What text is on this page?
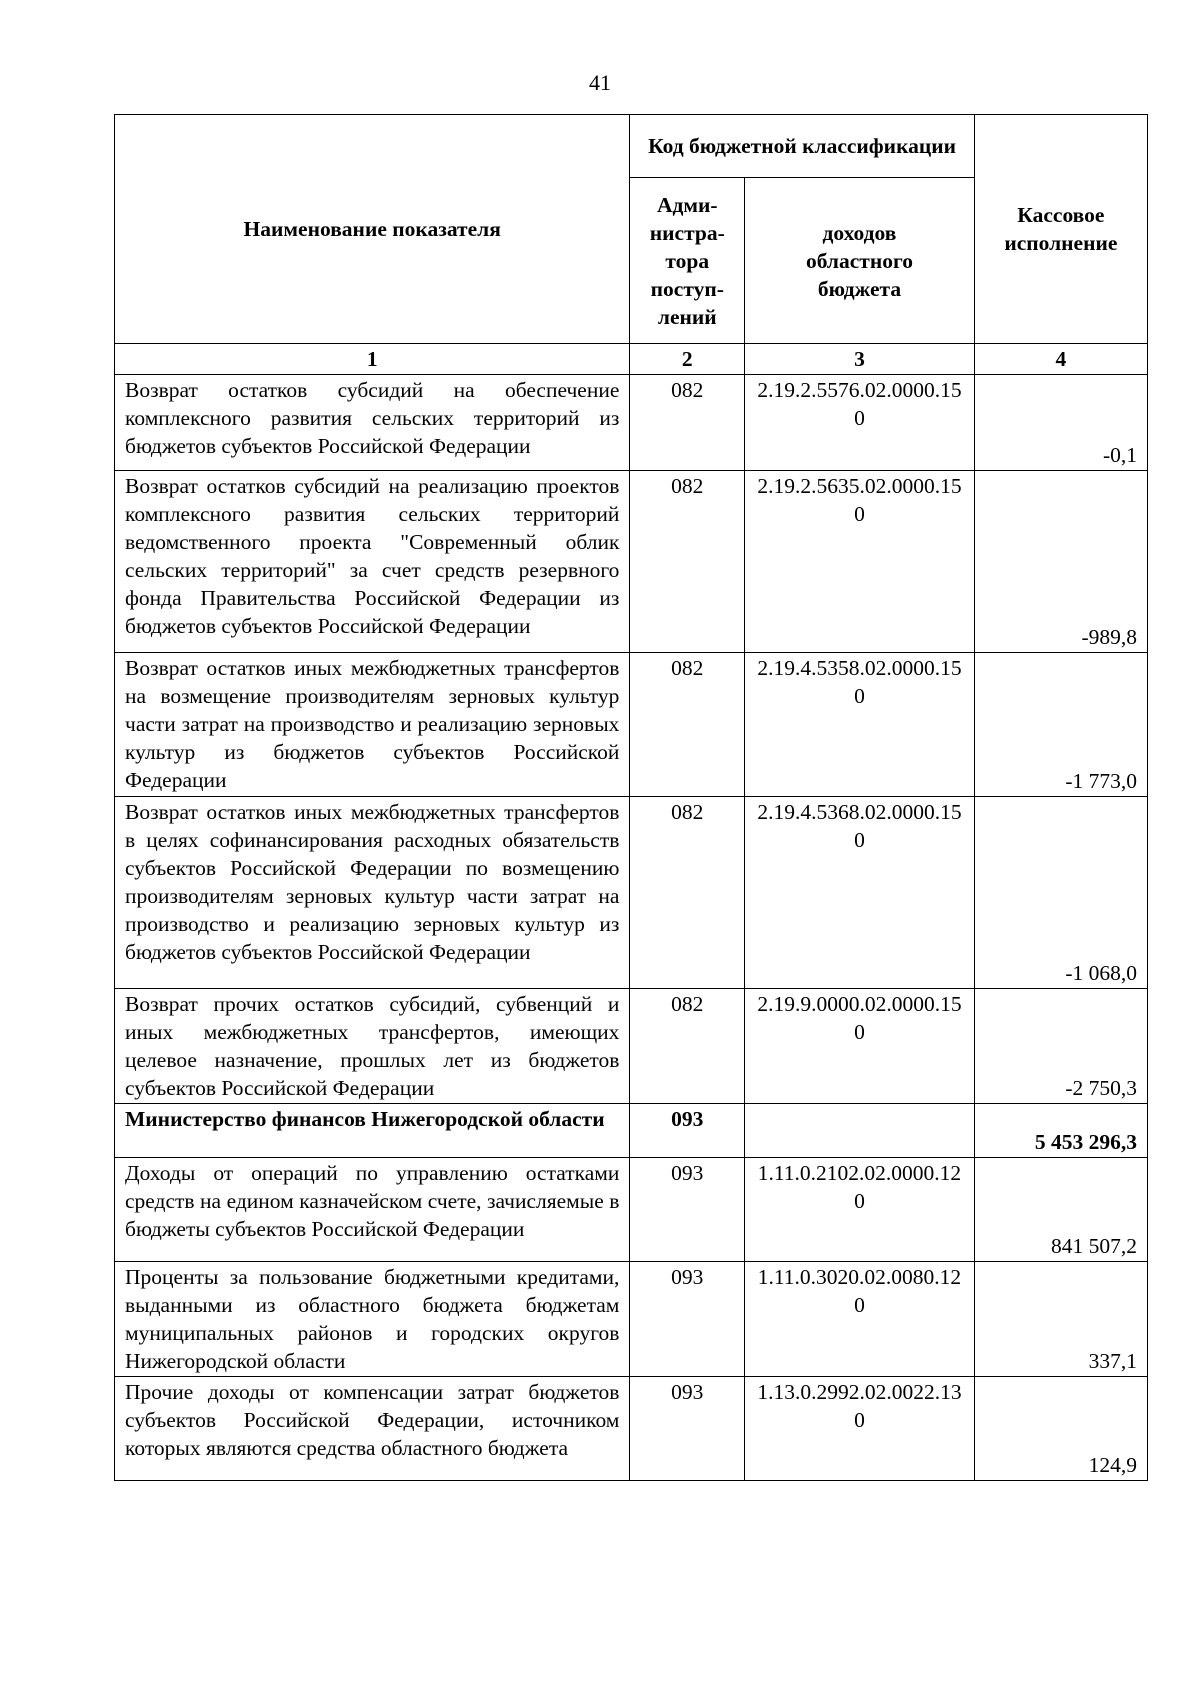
41
Наименование показателя	Код бюджетной классификации		Кассовое исполнение
	Адми-нистра-тора поступ-лений	доходов областного бюджета	
1	2	3	4
Возврат остатков субсидий на обеспечение комплексного развития сельских территорий из бюджетов субъектов Российской Федерации	082	2.19.2.5576.02.0000.150	-0,1
Возврат остатков субсидий на реализацию проектов комплексного развития сельских территорий ведомственного проекта "Современный облик сельских территорий" за счет средств резервного фонда Правительства Российской Федерации из бюджетов субъектов Российской Федерации	082	2.19.2.5635.02.0000.150	-989,8
Возврат остатков иных межбюджетных трансфертов на возмещение производителям зерновых культур части затрат на производство и реализацию зерновых культур из бюджетов субъектов Российской Федерации	082	2.19.4.5358.02.0000.150	-1 773,0
Возврат остатков иных межбюджетных трансфертов в целях софинансирования расходных обязательств субъектов Российской Федерации по возмещению производителям зерновых культур части затрат на производство и реализацию зерновых культур из бюджетов субъектов Российской Федерации	082	2.19.4.5368.02.0000.150	-1 068,0
Возврат прочих остатков субсидий, субвенций и иных межбюджетных трансфертов, имеющих целевое назначение, прошлых лет из бюджетов субъектов Российской Федерации	082	2.19.9.0000.02.0000.150	-2 750,3
Министерство финансов Нижегородской области	093		5 453 296,3
Доходы от операций по управлению остатками средств на едином казначейском счете, зачисляемые в бюджеты субъектов Российской Федерации	093	1.11.0.2102.02.0000.120	841 507,2
Проценты за пользование бюджетными кредитами, выданными из областного бюджета бюджетам муниципальных районов и городских округов Нижегородской области	093	1.11.0.3020.02.0080.120	337,1
Прочие доходы от компенсации затрат бюджетов субъектов Российской Федерации, источником которых являются средства областного бюджета	093	1.13.0.2992.02.0022.130	124,9
